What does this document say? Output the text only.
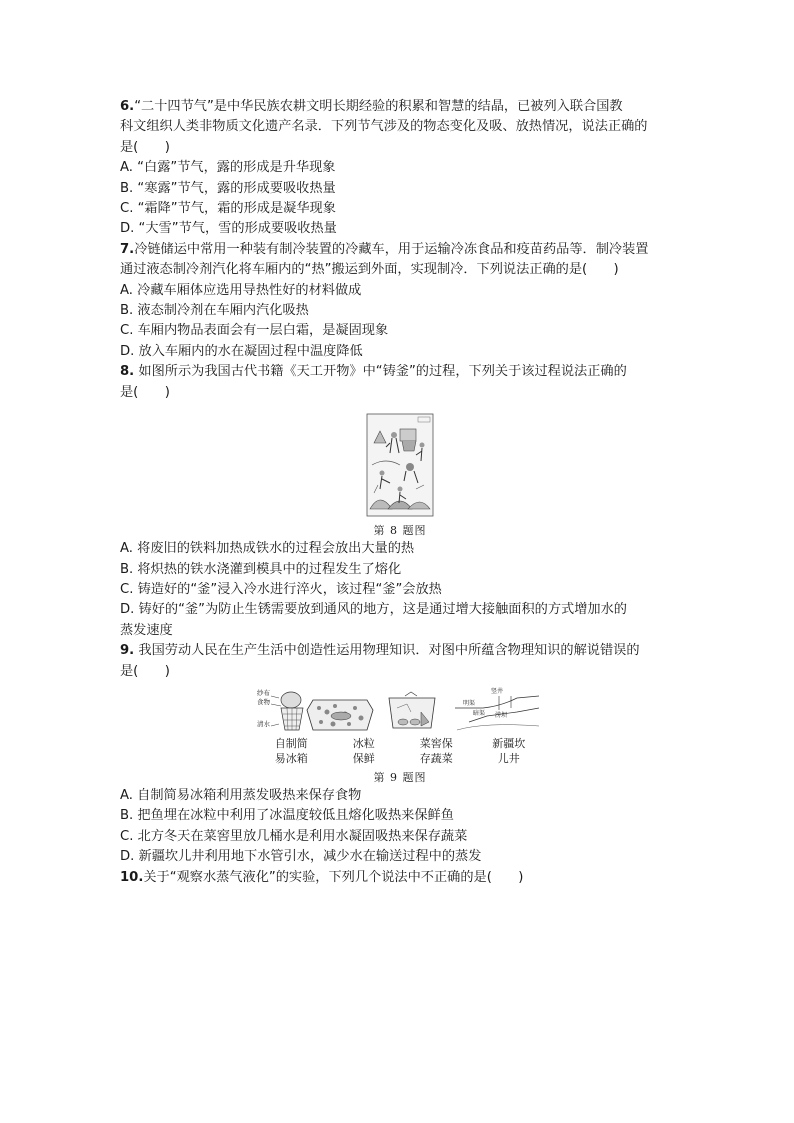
6.“二十四节气”是中华民族农耕文明长期经验的积累和智慧的结晶，已被列入联合国教
科文组织人类非物质文化遗产名录．下列节气涉及的物态变化及吸、放热情况，说法正确的
是(　　)
A. “白露”节气，露的形成是升华现象
B. “寒露”节气，露的形成要吸收热量
C. “霜降”节气，霜的形成是凝华现象
D. “大雪”节气，雪的形成要吸收热量
7.冷链储运中常用一种装有制冷装置的冷藏车，用于运输冷冻食品和疫苗药品等．制冷装置
通过液态制冷剂汽化将车厢内的“热”搬运到外面，实现制冷．下列说法正确的是(　　)
A. 冷藏车厢体应选用导热性好的材料做成
B. 液态制冷剂在车厢内汽化吸热
C. 车厢内物品表面会有一层白霜，是凝固现象
D. 放入车厢内的水在凝固过程中温度降低
8. 如图所示为我国古代书籍《天工开物》中“铸釜”的过程，下列关于该过程说法正确的
是(　　)
第 8 题图
A. 将废旧的铁料加热成铁水的过程会放出大量的热
B. 将炽热的铁水浇灌到模具中的过程发生了熔化
C. 铸造好的“釜”浸入冷水进行淬火，该过程“釜”会放热
D. 铸好的“釜”为防止生锈需要放到通风的地方，这是通过增大接触面积的方式增加水的
蒸发速度
9. 我国劳动人民在生产生活中创造性运用物理知识．对图中所蕴含物理知识的解说错误的
是(　　)
纱布
食物
清水
竖井
明渠
暗渠 涝坝
自制简
易冰箱
冰粒
保鲜
菜窖保
存蔬菜
新疆坎
儿井
第 9 题图
A. 自制简易冰箱利用蒸发吸热来保存食物
B. 把鱼埋在冰粒中利用了冰温度较低且熔化吸热来保鲜鱼
C. 北方冬天在菜窖里放几桶水是利用水凝固吸热来保存蔬菜
D. 新疆坎儿井利用地下水管引水，减少水在输送过程中的蒸发
10.关于“观察水蒸气液化”的实验，下列几个说法中不正确的是(　　)
